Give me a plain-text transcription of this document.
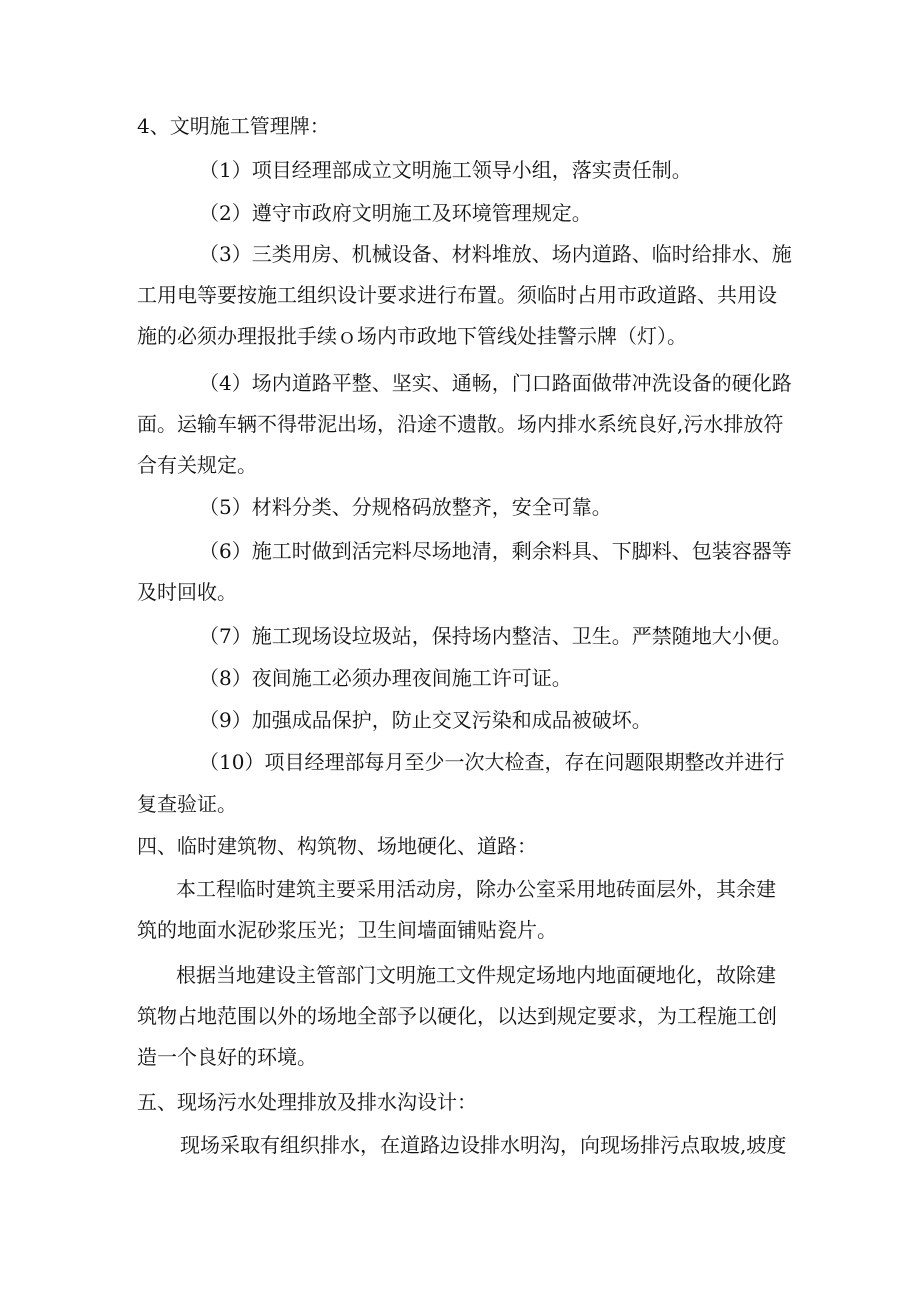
4、文明施工管理牌：
（1）项目经理部成立文明施工领导小组，落实责任制。
（2）遵守市政府文明施工及环境管理规定。
（3）三类用房、机械设备、材料堆放、场内道路、临时给排水、施
工用电等要按施工组织设计要求进行布置。须临时占用市政道路、共用设
施的必须办理报批手续ｏ场内市政地下管线处挂警示牌（灯）。
（4）场内道路平整、坚实、通畅，门口路面做带冲洗设备的硬化路
面。运输车辆不得带泥出场，沿途不遗散。场内排水系统良好,污水排放符
合有关规定。
（5）材料分类、分规格码放整齐，安全可靠。
（6）施工时做到活完料尽场地清，剩余料具、下脚料、包装容器等
及时回收。
（7）施工现场设垃圾站，保持场内整洁、卫生。严禁随地大小便。
（8）夜间施工必须办理夜间施工许可证。
（9）加强成品保护，防止交叉污染和成品被破坏。
（10）项目经理部每月至少一次大检查，存在问题限期整改并进行
复查验证。
四、临时建筑物、构筑物、场地硬化、道路：
本工程临时建筑主要采用活动房，除办公室采用地砖面层外，其余建
筑的地面水泥砂浆压光；卫生间墙面铺贴瓷片。
根据当地建设主管部门文明施工文件规定场地内地面硬地化，故除建
筑物占地范围以外的场地全部予以硬化，以达到规定要求，为工程施工创
造一个良好的环境。
五、现场污水处理排放及排水沟设计：
现场采取有组织排水，在道路边设排水明沟，向现场排污点取坡,坡度
